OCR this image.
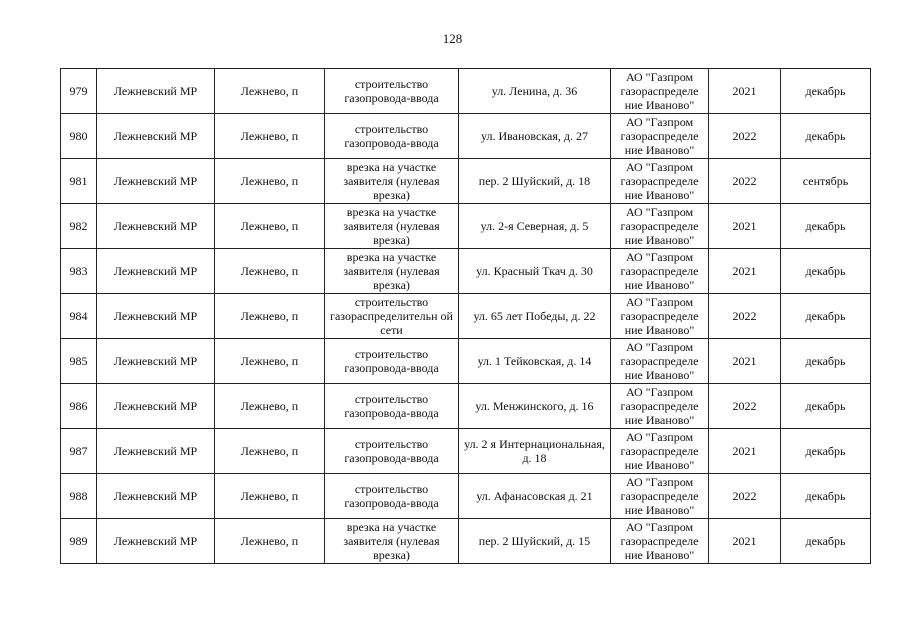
128
979	Лежневский МР	Лежнево, п	строительство газопровода-ввода	ул. Ленина, д. 36	АО "Газпром газораспределе ние Иваново"	2021	декабрь
980	Лежневский МР	Лежнево, п	строительство газопровода-ввода	ул. Ивановская, д. 27	АО "Газпром газораспределе ние Иваново"	2022	декабрь
981	Лежневский МР	Лежнево, п	врезка на участке заявителя (нулевая врезка)	пер. 2 Шуйский, д. 18	АО "Газпром газораспределе ние Иваново"	2022	сентябрь
982	Лежневский МР	Лежнево, п	врезка на участке заявителя (нулевая врезка)	ул. 2-я Северная, д. 5	АО "Газпром газораспределе ние Иваново"	2021	декабрь
983	Лежневский МР	Лежнево, п	врезка на участке заявителя (нулевая врезка)	ул. Красный Ткач д. 30	АО "Газпром газораспределе ние Иваново"	2021	декабрь
984	Лежневский МР	Лежнево, п	строительство газораспределительн ой сети	ул. 65 лет Победы, д. 22	АО "Газпром газораспределе ние Иваново"	2022	декабрь
985	Лежневский МР	Лежнево, п	строительство газопровода-ввода	ул. 1 Тейковская, д. 14	АО "Газпром газораспределе ние Иваново"	2021	декабрь
986	Лежневский МР	Лежнево, п	строительство газопровода-ввода	ул. Менжинского, д. 16	АО "Газпром газораспределе ние Иваново"	2022	декабрь
987	Лежневский МР	Лежнево, п	строительство газопровода-ввода	ул. 2 я Интернациональная, д. 18	АО "Газпром газораспределе ние Иваново"	2021	декабрь
988	Лежневский МР	Лежнево, п	строительство газопровода-ввода	ул. Афанасовская д. 21	АО "Газпром газораспределе ние Иваново"	2022	декабрь
989	Лежневский МР	Лежнево, п	врезка на участке заявителя (нулевая врезка)	пер. 2 Шуйский, д. 15	АО "Газпром газораспределе ние Иваново"	2021	декабрь
